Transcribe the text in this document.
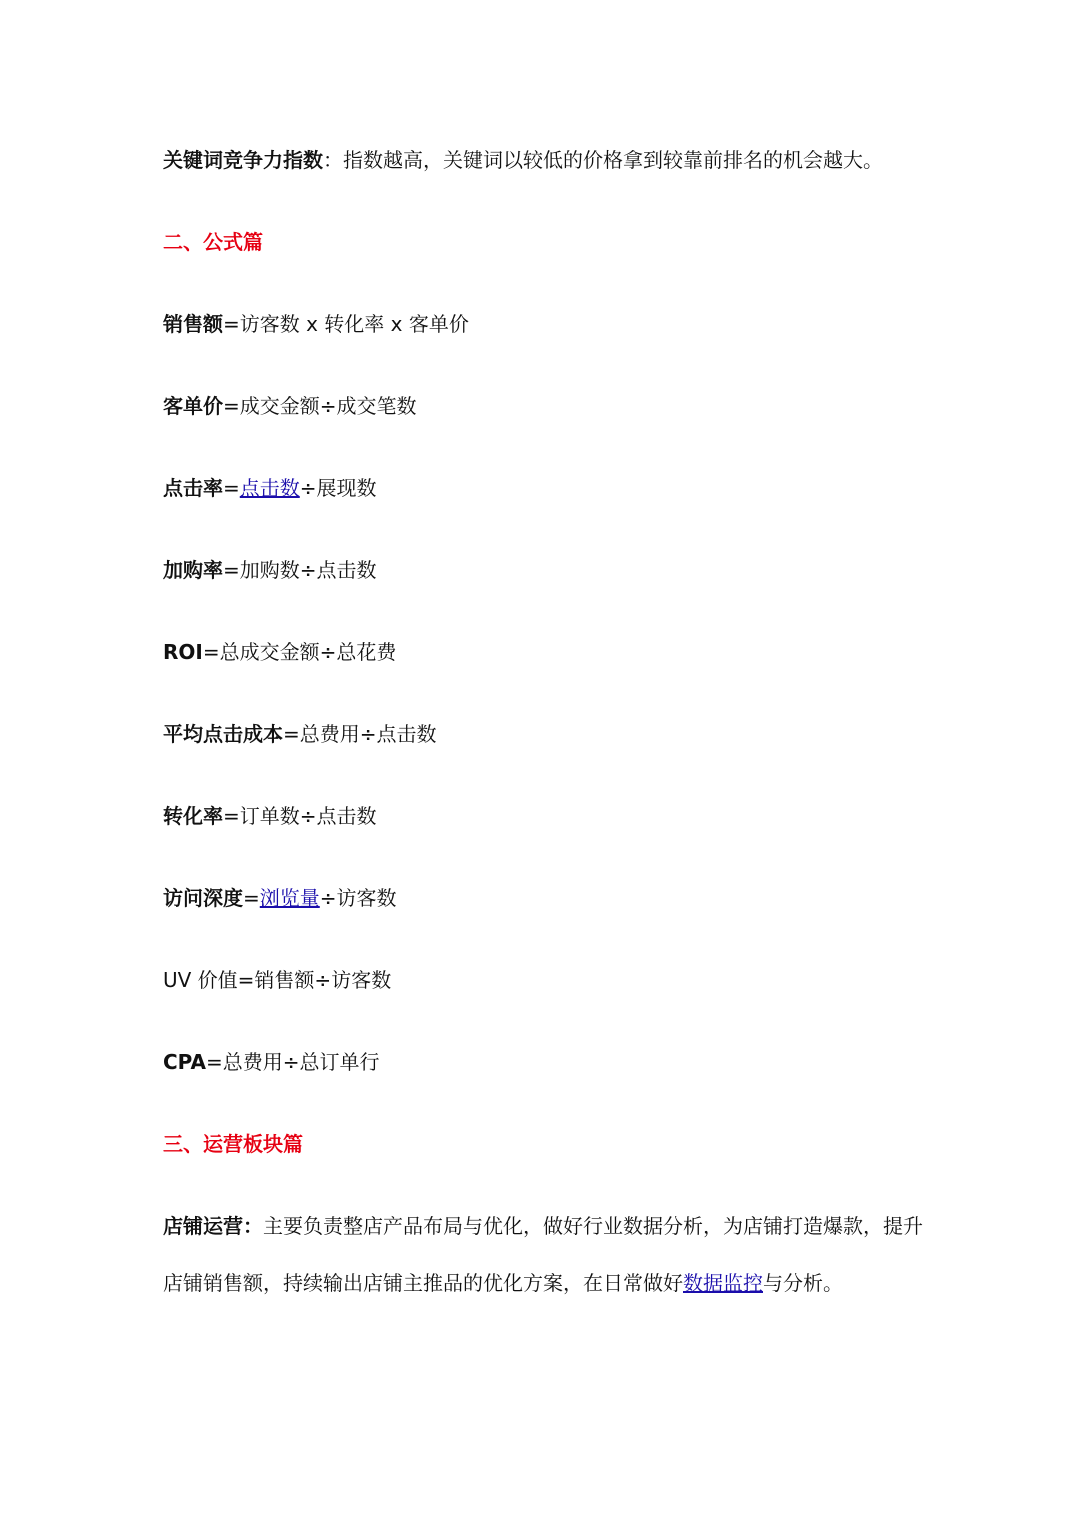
关键词竞争力指数：指数越高，关键词以较低的价格拿到较靠前排名的机会越大。
二、公式篇
销售额=访客数 x 转化率 x 客单价
客单价=成交金额÷成交笔数
点击率=点击数÷展现数
加购率=加购数÷点击数
ROI=总成交金额÷总花费
平均点击成本=总费用÷点击数
转化率=订单数÷点击数
访问深度=浏览量÷访客数
UV 价值=销售额÷访客数
CPA=总费用÷总订单行
三、运营板块篇
店铺运营：主要负责整店产品布局与优化，做好行业数据分析，为店铺打造爆款，提升
店铺销售额，持续输出店铺主推品的优化方案，在日常做好数据监控与分析。
